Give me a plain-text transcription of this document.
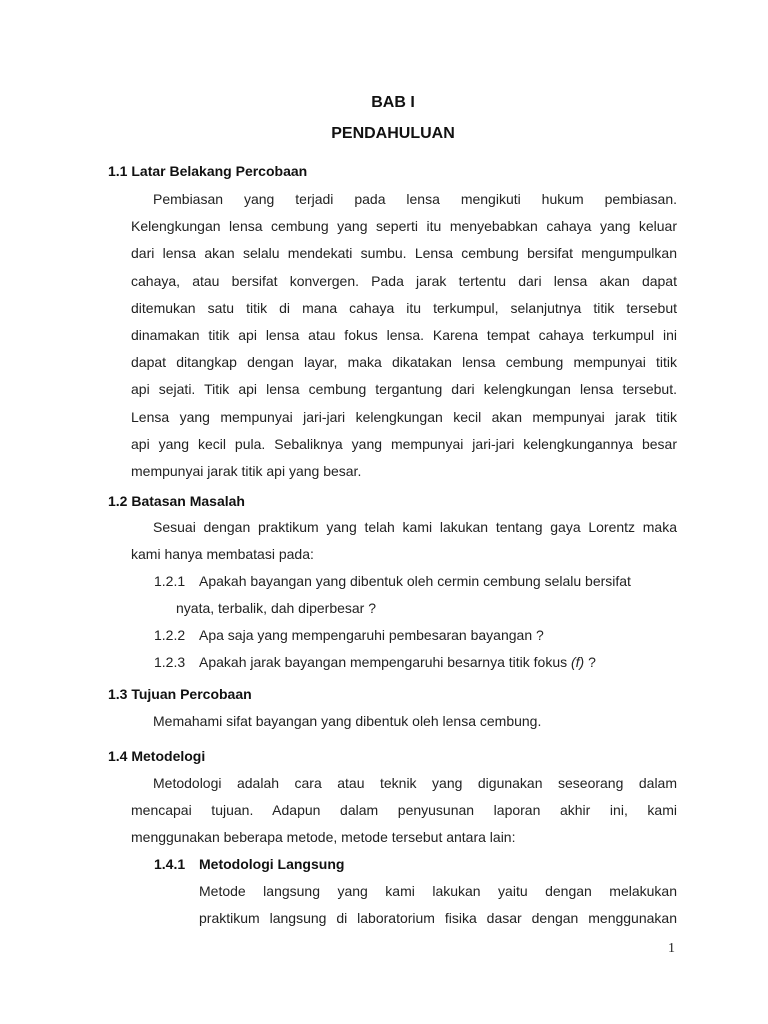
BAB I
PENDAHULUAN
1.1 Latar Belakang Percobaan
Pembiasan yang terjadi pada lensa mengikuti hukum pembiasan.
Kelengkungan lensa cembung yang seperti itu menyebabkan cahaya yang keluar
dari lensa akan selalu mendekati sumbu. Lensa cembung bersifat mengumpulkan
cahaya, atau bersifat konvergen. Pada jarak tertentu dari lensa akan dapat
ditemukan satu titik di mana cahaya itu terkumpul, selanjutnya titik tersebut
dinamakan titik api lensa atau fokus lensa. Karena tempat cahaya terkumpul ini
dapat ditangkap dengan layar, maka dikatakan lensa cembung mempunyai titik
api sejati. Titik api lensa cembung tergantung dari kelengkungan lensa tersebut.
Lensa yang mempunyai jari-jari kelengkungan kecil akan mempunyai jarak titik
api yang kecil pula. Sebaliknya yang mempunyai jari-jari kelengkungannya besar
mempunyai jarak titik api yang besar.
1.2 Batasan Masalah
Sesuai dengan praktikum yang telah kami lakukan tentang gaya Lorentz maka
kami hanya membatasi pada:
1.2.1 Apakah bayangan yang dibentuk oleh cermin cembung selalu bersifat
nyata, terbalik, dah diperbesar ?
1.2.2 Apa saja yang mempengaruhi pembesaran bayangan ?
1.2.3 Apakah jarak bayangan mempengaruhi besarnya titik fokus (f) ?
1.3 Tujuan Percobaan
Memahami sifat bayangan yang dibentuk oleh lensa cembung.
1.4 Metodelogi
Metodologi adalah cara atau teknik yang digunakan seseorang dalam
mencapai tujuan. Adapun dalam penyusunan laporan akhir ini, kami
menggunakan beberapa metode, metode tersebut antara lain:
1.4.1 Metodologi Langsung
Metode langsung yang kami lakukan yaitu dengan melakukan
praktikum langsung di laboratorium fisika dasar dengan menggunakan
1
